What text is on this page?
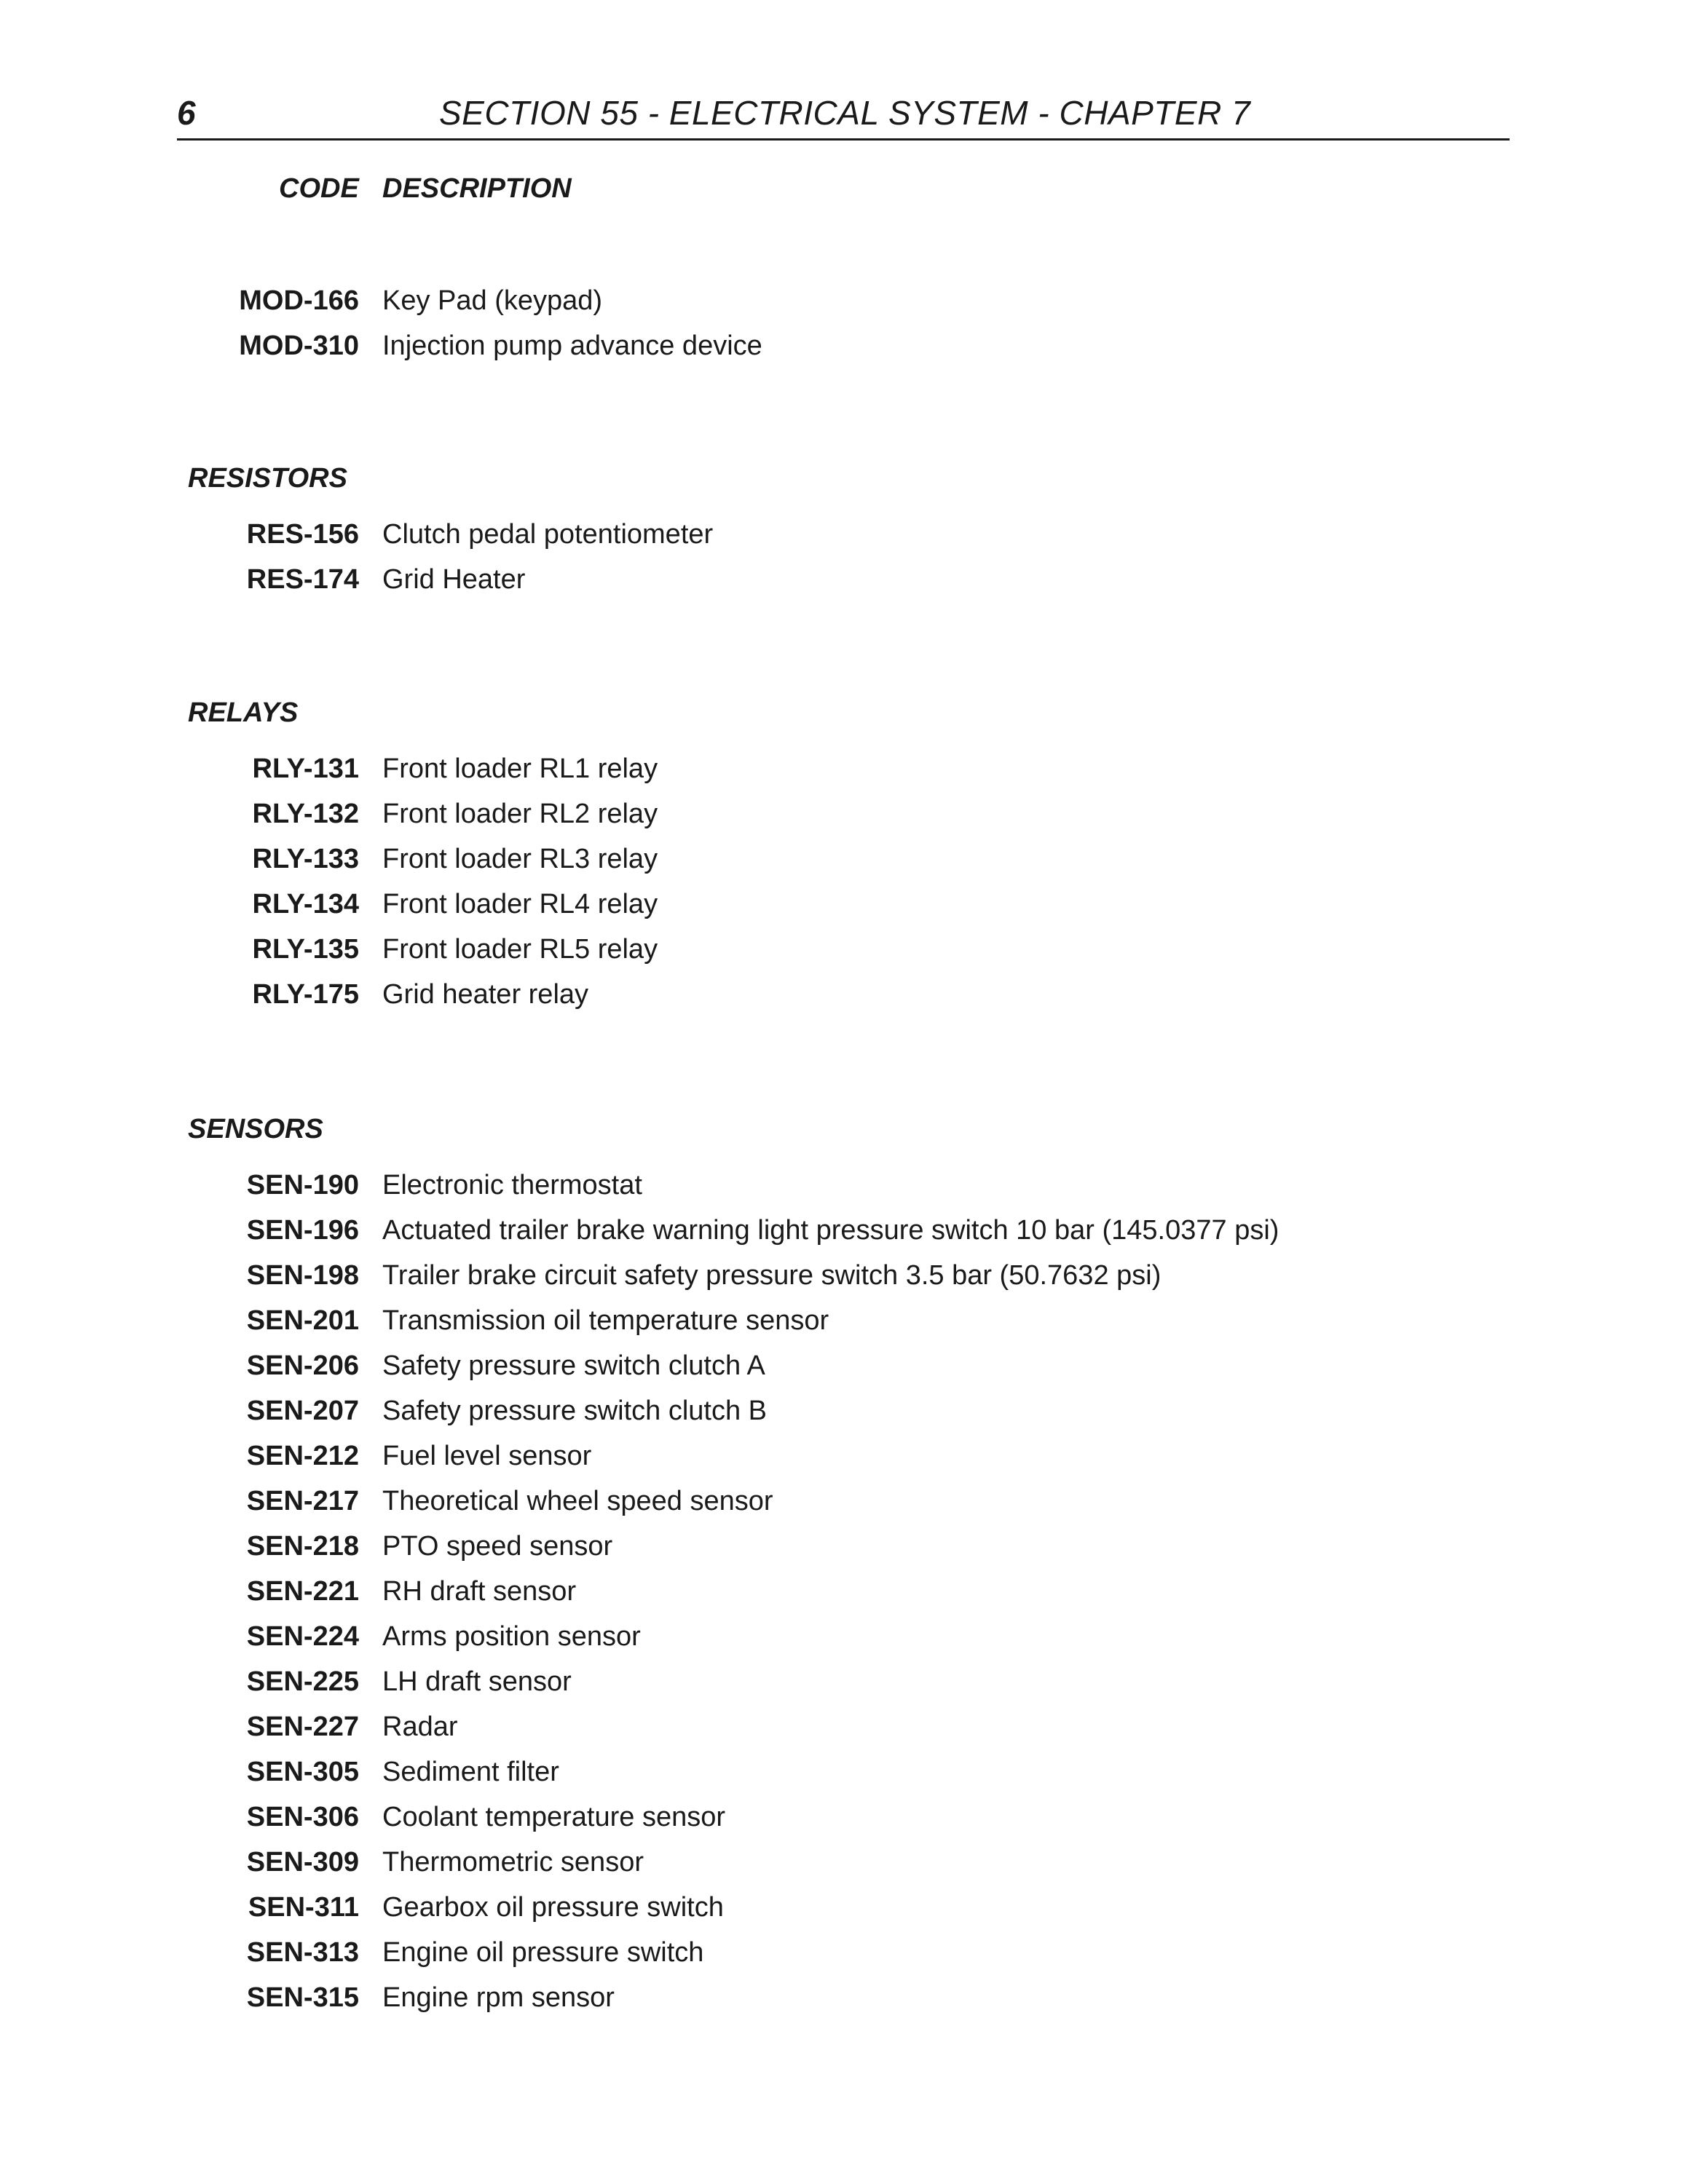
6	SECTION 55 - ELECTRICAL SYSTEM - CHAPTER 7
CODE DESCRIPTION
MOD-166 Key Pad (keypad)
MOD-310 Injection pump advance device
RESISTORS
RES-156 Clutch pedal potentiometer
RES-174 Grid Heater
RELAYS
RLY-131 Front loader RL1 relay
RLY-132 Front loader RL2 relay
RLY-133 Front loader RL3 relay
RLY-134 Front loader RL4 relay
RLY-135 Front loader RL5 relay
RLY-175 Grid heater relay
SENSORS
SEN-190 Electronic thermostat
SEN-196 Actuated trailer brake warning light pressure switch 10 bar (145.0377 psi)
SEN-198 Trailer brake circuit safety pressure switch 3.5 bar (50.7632 psi)
SEN-201 Transmission oil temperature sensor
SEN-206 Safety pressure switch clutch A
SEN-207 Safety pressure switch clutch B
SEN-212 Fuel level sensor
SEN-217 Theoretical wheel speed sensor
SEN-218 PTO speed sensor
SEN-221 RH draft sensor
SEN-224 Arms position sensor
SEN-225 LH draft sensor
SEN-227 Radar
SEN-305 Sediment filter
SEN-306 Coolant temperature sensor
SEN-309 Thermometric sensor
SEN-311 Gearbox oil pressure switch
SEN-313 Engine oil pressure switch
SEN-315 Engine rpm sensor
